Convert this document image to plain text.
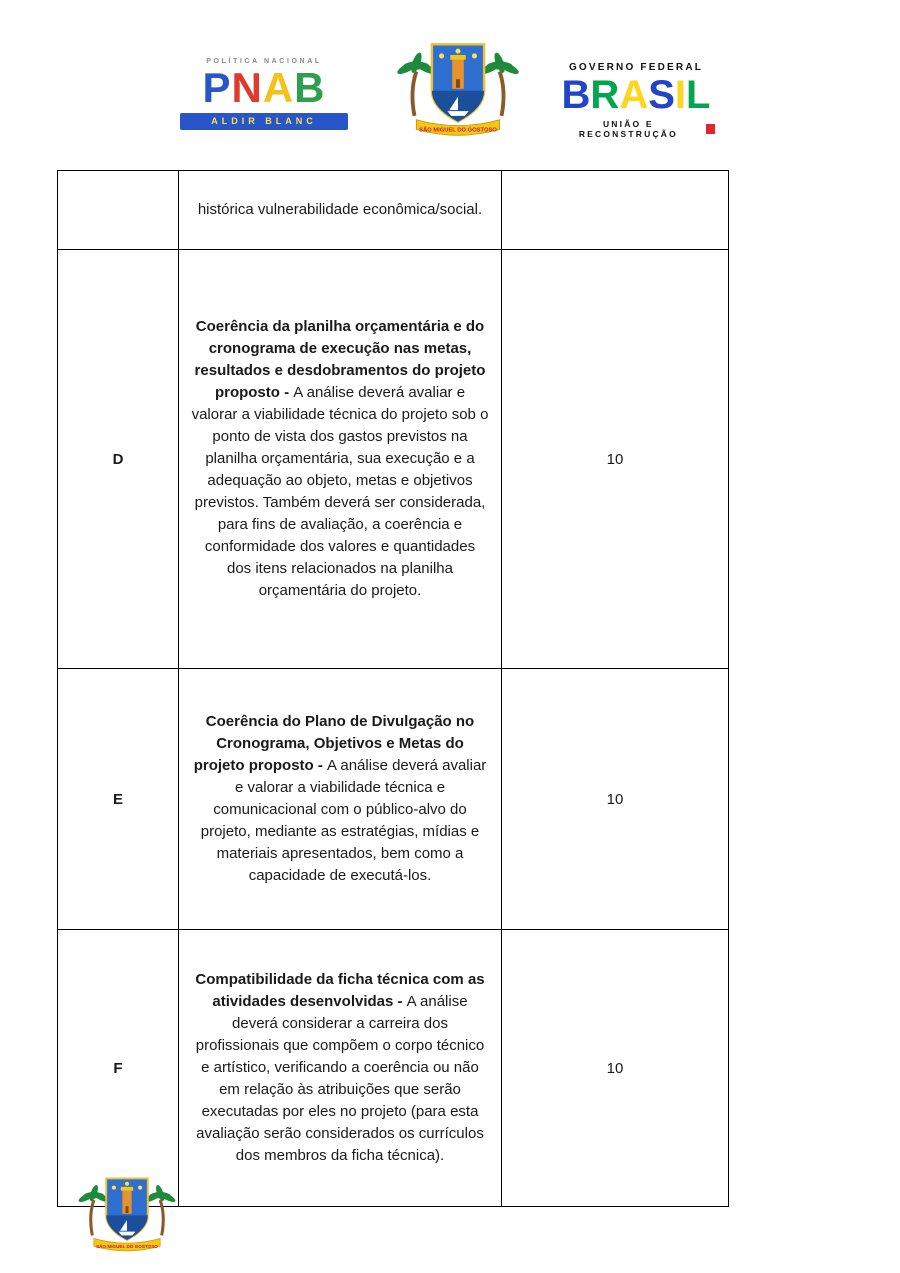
POLÍTICA NACIONAL
PNAB
ALDIR BLANC
SÃO MIGUEL DO GOSTOSO
GOVERNO FEDERAL
BRASIL
UNIÃO E RECONSTRUÇÃO
	histórica vulnerabilidade econômica/social.	
D	Coerência da planilha orçamentária e do cronograma de execução nas metas, resultados e desdobramentos do projeto proposto - A análise deverá avaliar e valorar a viabilidade técnica do projeto sob o ponto de vista dos gastos previstos na planilha orçamentária, sua execução e a adequação ao objeto, metas e objetivos previstos. Também deverá ser considerada, para fins de avaliação, a coerência e conformidade dos valores e quantidades dos itens relacionados na planilha orçamentária do projeto.	10
E	Coerência do Plano de Divulgação no Cronograma, Objetivos e Metas do projeto proposto - A análise deverá avaliar e valorar a viabilidade técnica e comunicacional com o público-alvo do projeto, mediante as estratégias, mídias e materiais apresentados, bem como a capacidade de executá-los.	10
F	Compatibilidade da ficha técnica com as atividades desenvolvidas - A análise deverá considerar a carreira dos profissionais que compõem o corpo técnico e artístico, verificando a coerência ou não em relação às atribuições que serão executadas por eles no projeto (para esta avaliação serão considerados os currículos dos membros da ficha técnica).	10
SÃO MIGUEL DO GOSTOSO
